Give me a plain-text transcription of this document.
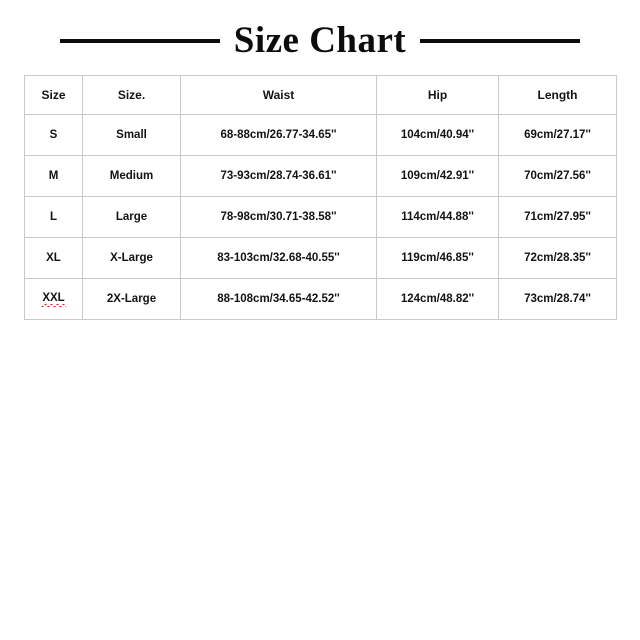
Size Chart
Size	Size.	Waist	Hip	Length
S	Small	68-88cm/26.77-34.65''	104cm/40.94''	69cm/27.17''
M	Medium	73-93cm/28.74-36.61''	109cm/42.91''	70cm/27.56''
L	Large	78-98cm/30.71-38.58''	114cm/44.88''	71cm/27.95''
XL	X-Large	83-103cm/32.68-40.55''	119cm/46.85''	72cm/28.35''
XXL	2X-Large	88-108cm/34.65-42.52''	124cm/48.82''	73cm/28.74''
